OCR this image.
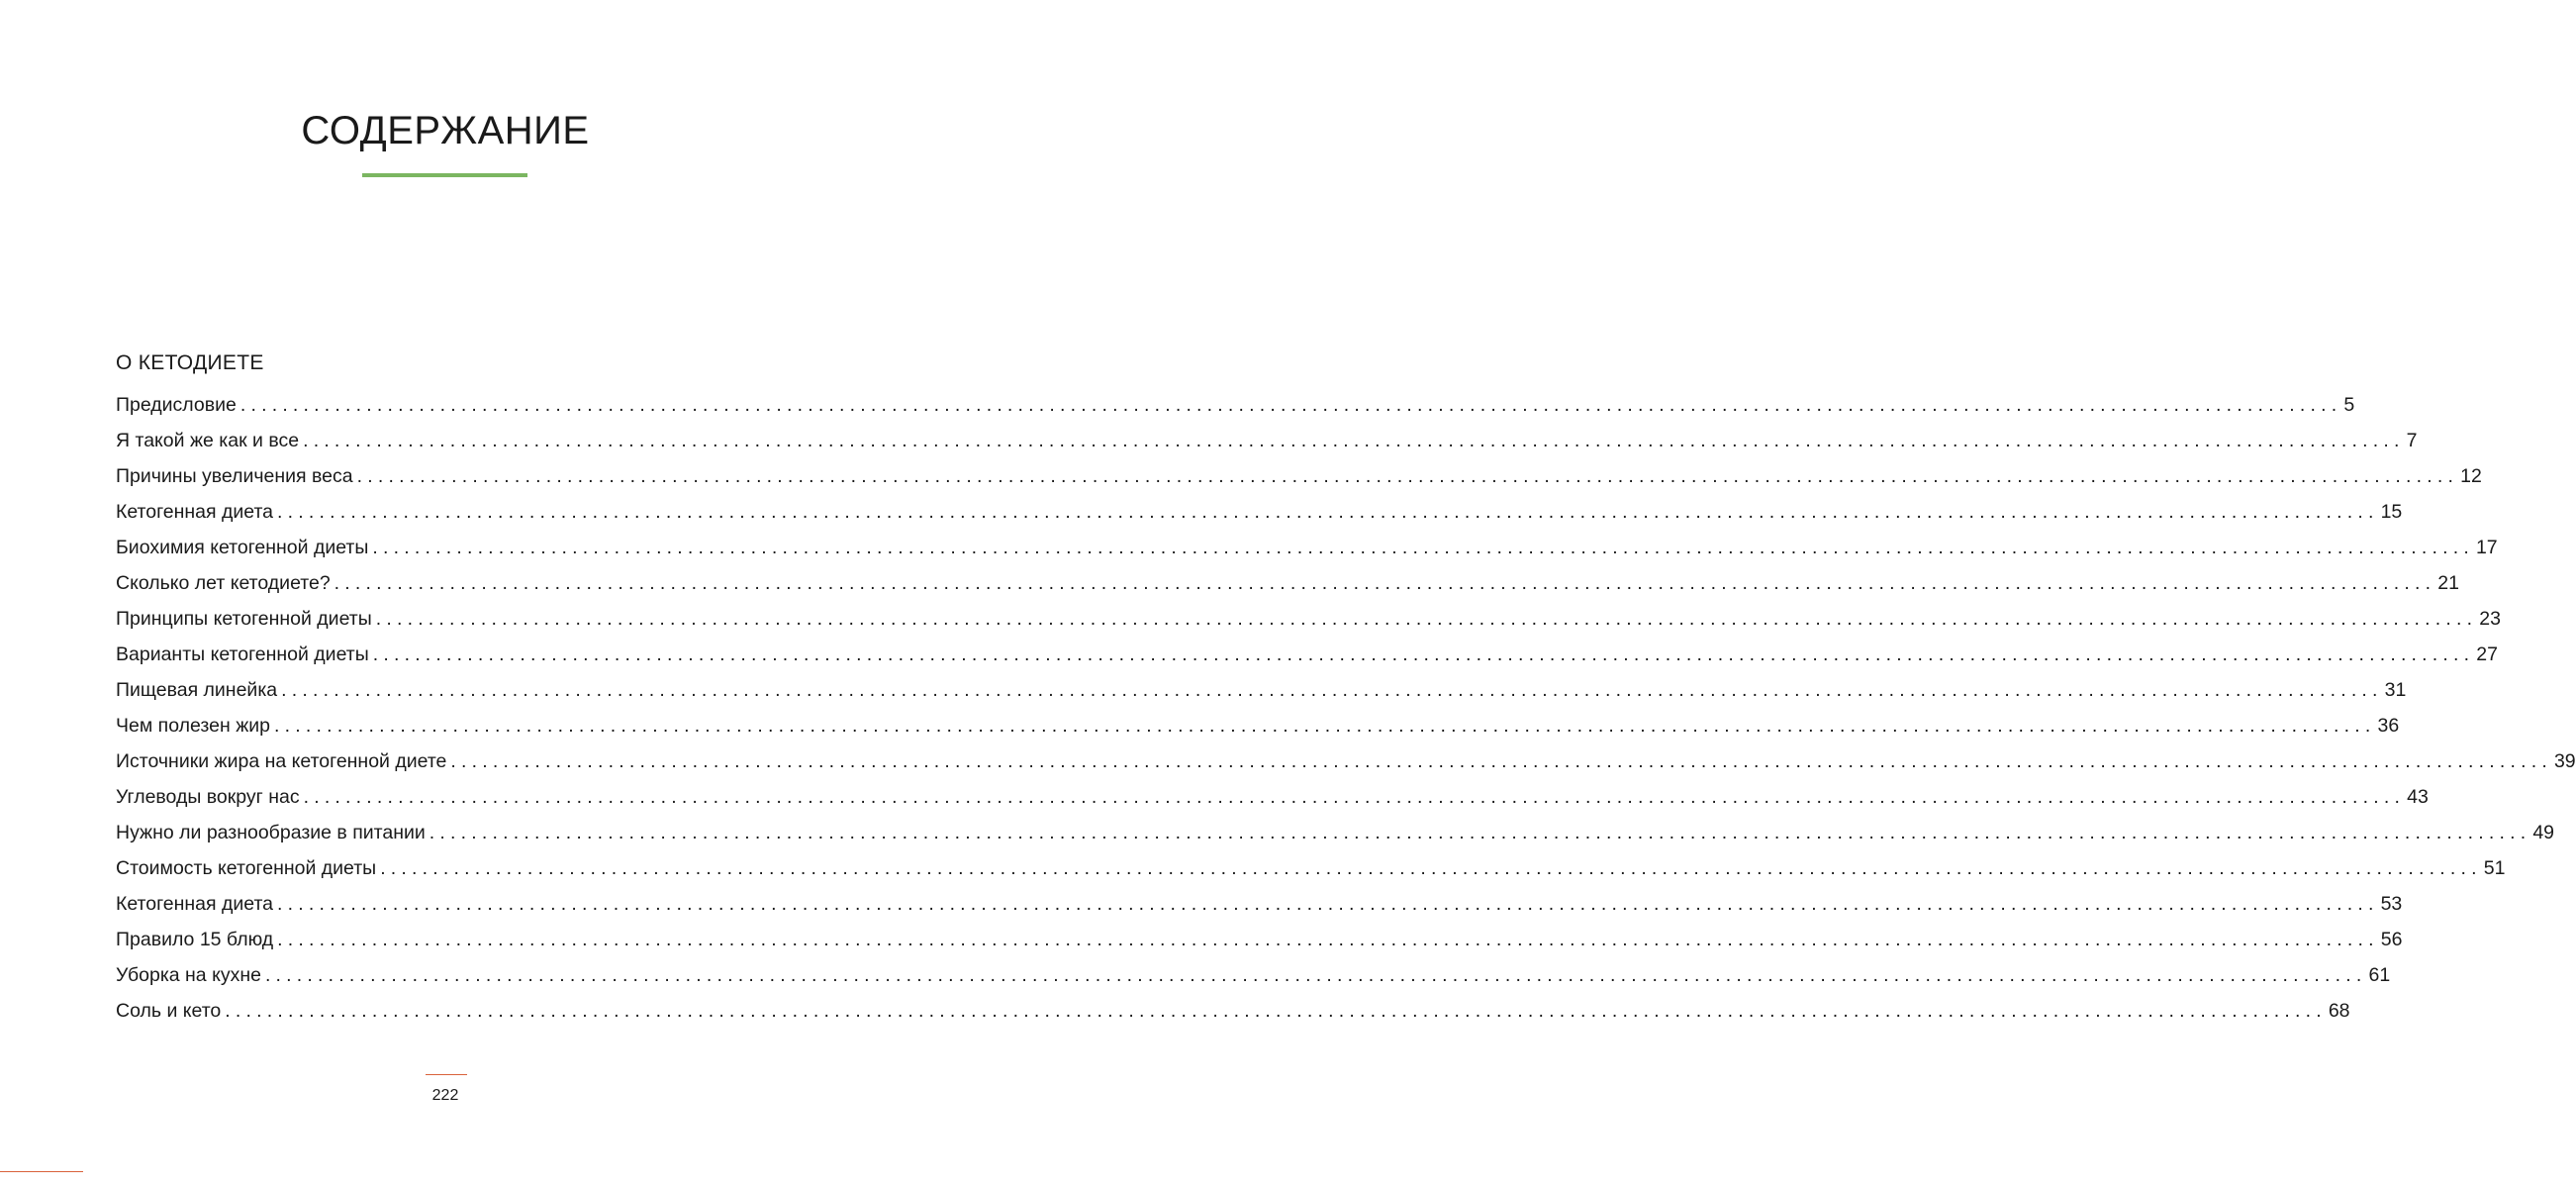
СОДЕРЖАНИЕ
О КЕТОДИЕТЕ
Предисловие ........................................................................................................................................................................................................ 5
Я такой же как и все ........................................................................................................................................................................................................ 7
Причины увеличения веса ........................................................................................................................................................................................................ 12
Кетогенная диета ........................................................................................................................................................................................................ 15
Биохимия кетогенной диеты ........................................................................................................................................................................................................ 17
Сколько лет кетодиете? ........................................................................................................................................................................................................ 21
Принципы кетогенной диеты ........................................................................................................................................................................................................ 23
Варианты кетогенной диеты ........................................................................................................................................................................................................ 27
Пищевая линейка ........................................................................................................................................................................................................ 31
Чем полезен жир ........................................................................................................................................................................................................ 36
Источники жира на кетогенной диете ........................................................................................................................................................................................................ 39
Углеводы вокруг нас ........................................................................................................................................................................................................ 43
Нужно ли разнообразие в питании ........................................................................................................................................................................................................ 49
Стоимость кетогенной диеты ........................................................................................................................................................................................................ 51
Кетогенная диета ........................................................................................................................................................................................................ 53
Правило 15 блюд ........................................................................................................................................................................................................ 56
Уборка на кухне ........................................................................................................................................................................................................ 61
Соль и кето ........................................................................................................................................................................................................ 68
222
